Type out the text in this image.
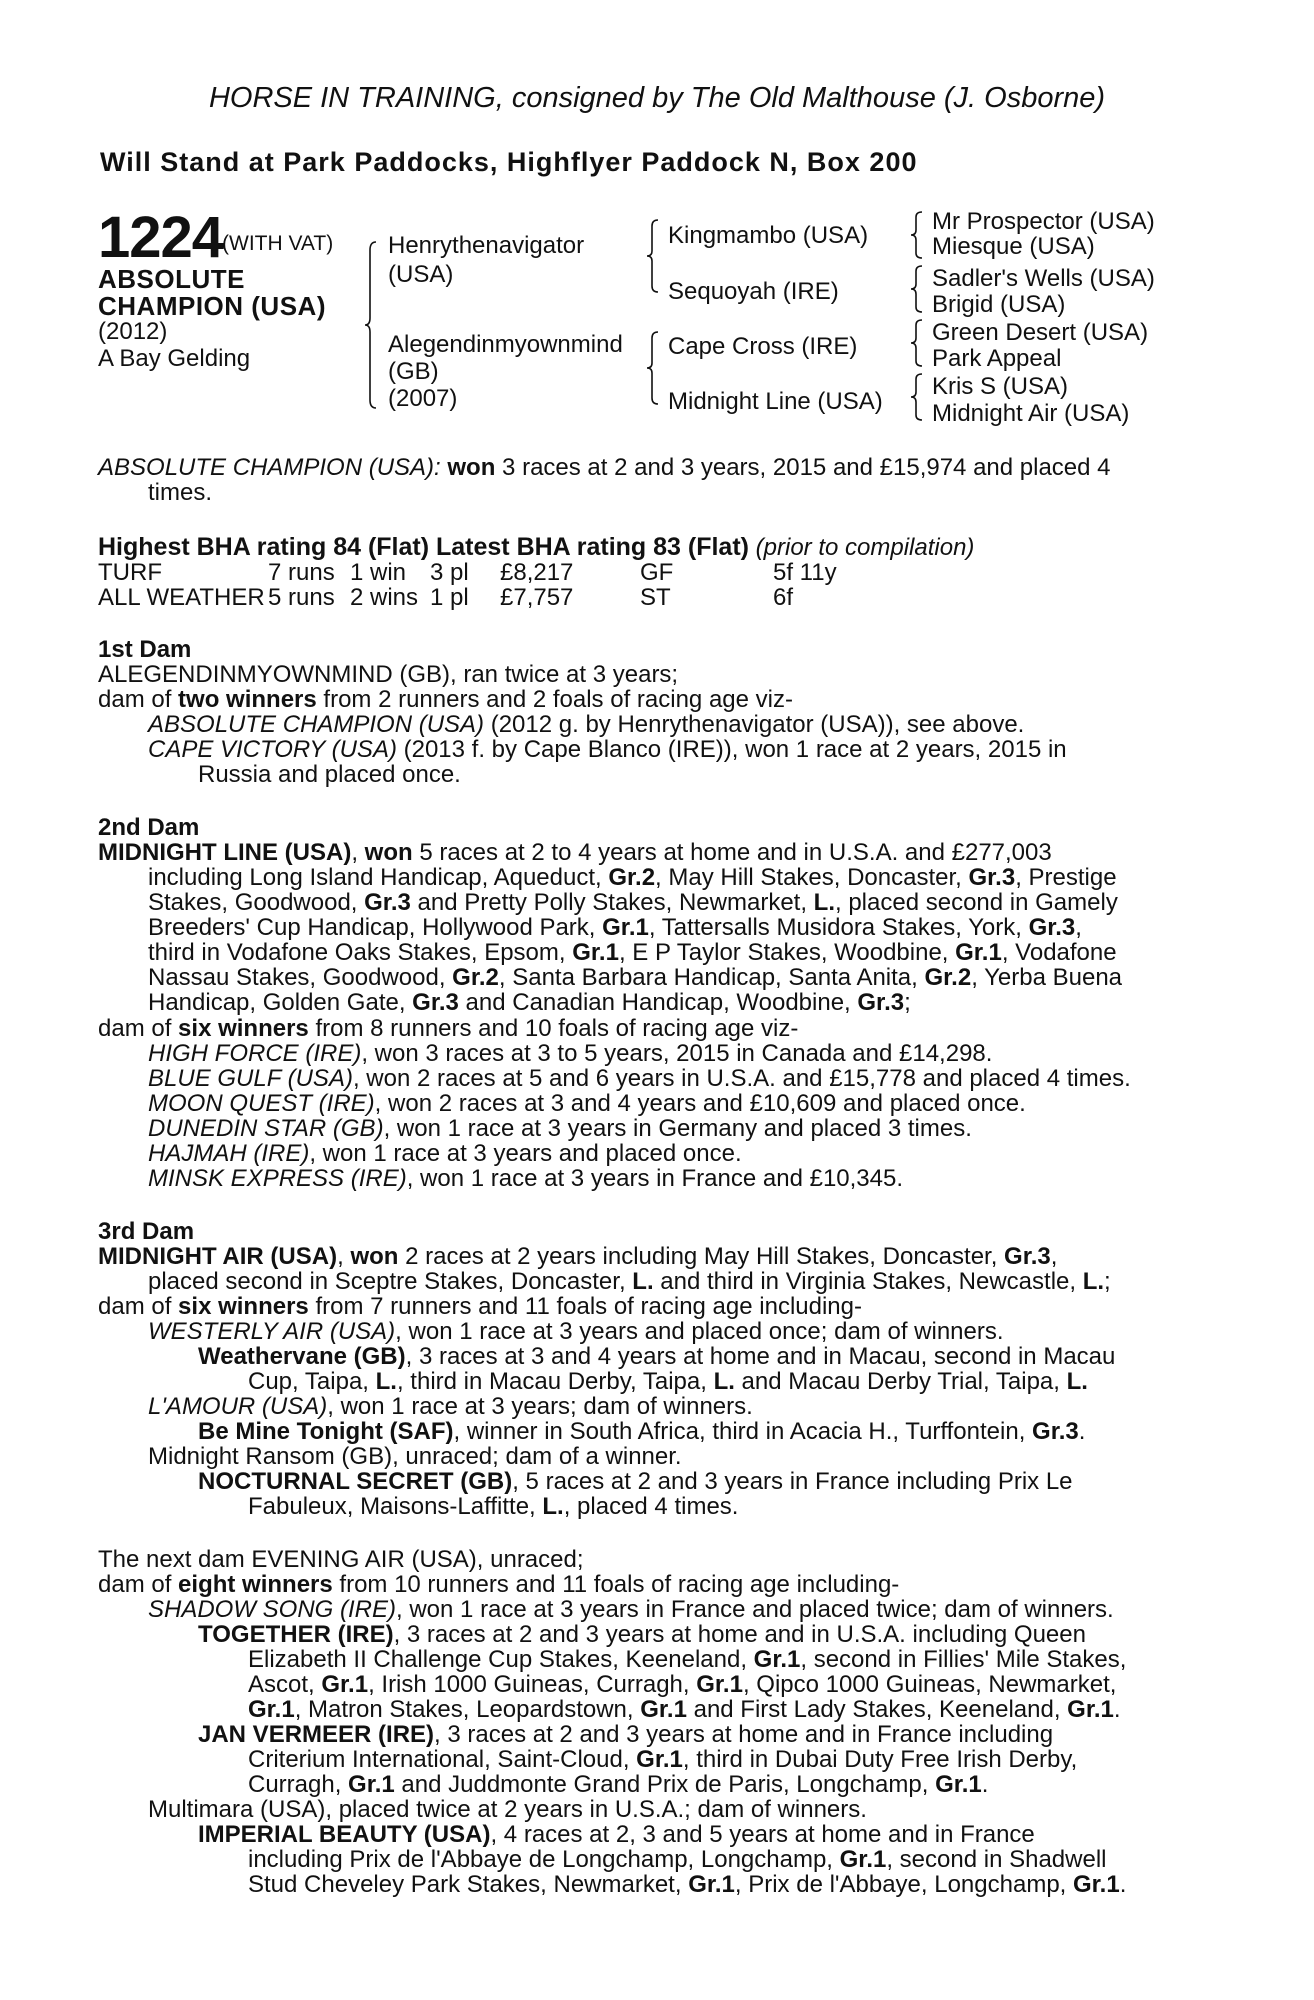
HORSE IN TRAINING, consigned by The Old Malthouse (J. Osborne)
Will Stand at Park Paddocks, Highflyer Paddock N, Box 200
1224
(WITH VAT)
ABSOLUTE
CHAMPION (USA)
(2012)
A Bay Gelding
Henrythenavigator
(USA)
Alegendinmyownmind
(GB)
(2007)
Kingmambo (USA)
Sequoyah (IRE)
Cape Cross (IRE)
Midnight Line (USA)
Mr Prospector (USA)
Miesque (USA)
Sadler's Wells (USA)
Brigid (USA)
Green Desert (USA)
Park Appeal
Kris S (USA)
Midnight Air (USA)
ABSOLUTE CHAMPION (USA): won 3 races at 2 and 3 years, 2015 and £15,974 and placed 4
times.
Highest BHA rating 84 (Flat) Latest BHA rating 83 (Flat) (prior to compilation)
TURF	7 runs 1 win 3 pl £8,217	GF	5f 11y
ALL WEATHER 5 runs 2 wins 1 pl £7,757	ST	6f
1st Dam
ALEGENDINMYOWNMIND (GB), ran twice at 3 years;
dam of two winners from 2 runners and 2 foals of racing age viz-
ABSOLUTE CHAMPION (USA) (2012 g. by Henrythenavigator (USA)), see above.
CAPE VICTORY (USA) (2013 f. by Cape Blanco (IRE)), won 1 race at 2 years, 2015 in
Russia and placed once.
2nd Dam
MIDNIGHT LINE (USA), won 5 races at 2 to 4 years at home and in U.S.A. and £277,003
including Long Island Handicap, Aqueduct, Gr.2, May Hill Stakes, Doncaster, Gr.3, Prestige
Stakes, Goodwood, Gr.3 and Pretty Polly Stakes, Newmarket, L., placed second in Gamely
Breeders' Cup Handicap, Hollywood Park, Gr.1, Tattersalls Musidora Stakes, York, Gr.3,
third in Vodafone Oaks Stakes, Epsom, Gr.1, E P Taylor Stakes, Woodbine, Gr.1, Vodafone
Nassau Stakes, Goodwood, Gr.2, Santa Barbara Handicap, Santa Anita, Gr.2, Yerba Buena
Handicap, Golden Gate, Gr.3 and Canadian Handicap, Woodbine, Gr.3;
dam of six winners from 8 runners and 10 foals of racing age viz-
HIGH FORCE (IRE), won 3 races at 3 to 5 years, 2015 in Canada and £14,298.
BLUE GULF (USA), won 2 races at 5 and 6 years in U.S.A. and £15,778 and placed 4 times.
MOON QUEST (IRE), won 2 races at 3 and 4 years and £10,609 and placed once.
DUNEDIN STAR (GB), won 1 race at 3 years in Germany and placed 3 times.
HAJMAH (IRE), won 1 race at 3 years and placed once.
MINSK EXPRESS (IRE), won 1 race at 3 years in France and £10,345.
3rd Dam
MIDNIGHT AIR (USA), won 2 races at 2 years including May Hill Stakes, Doncaster, Gr.3,
placed second in Sceptre Stakes, Doncaster, L. and third in Virginia Stakes, Newcastle, L.;
dam of six winners from 7 runners and 11 foals of racing age including-
WESTERLY AIR (USA), won 1 race at 3 years and placed once; dam of winners.
Weathervane (GB), 3 races at 3 and 4 years at home and in Macau, second in Macau
Cup, Taipa, L., third in Macau Derby, Taipa, L. and Macau Derby Trial, Taipa, L.
L'AMOUR (USA), won 1 race at 3 years; dam of winners.
Be Mine Tonight (SAF), winner in South Africa, third in Acacia H., Turffontein, Gr.3.
Midnight Ransom (GB), unraced; dam of a winner.
NOCTURNAL SECRET (GB), 5 races at 2 and 3 years in France including Prix Le
Fabuleux, Maisons-Laffitte, L., placed 4 times.
The next dam EVENING AIR (USA), unraced;
dam of eight winners from 10 runners and 11 foals of racing age including-
SHADOW SONG (IRE), won 1 race at 3 years in France and placed twice; dam of winners.
TOGETHER (IRE), 3 races at 2 and 3 years at home and in U.S.A. including Queen
Elizabeth II Challenge Cup Stakes, Keeneland, Gr.1, second in Fillies' Mile Stakes,
Ascot, Gr.1, Irish 1000 Guineas, Curragh, Gr.1, Qipco 1000 Guineas, Newmarket,
Gr.1, Matron Stakes, Leopardstown, Gr.1 and First Lady Stakes, Keeneland, Gr.1.
JAN VERMEER (IRE), 3 races at 2 and 3 years at home and in France including
Criterium International, Saint-Cloud, Gr.1, third in Dubai Duty Free Irish Derby,
Curragh, Gr.1 and Juddmonte Grand Prix de Paris, Longchamp, Gr.1.
Multimara (USA), placed twice at 2 years in U.S.A.; dam of winners.
IMPERIAL BEAUTY (USA), 4 races at 2, 3 and 5 years at home and in France
including Prix de l'Abbaye de Longchamp, Longchamp, Gr.1, second in Shadwell
Stud Cheveley Park Stakes, Newmarket, Gr.1, Prix de l'Abbaye, Longchamp, Gr.1.
